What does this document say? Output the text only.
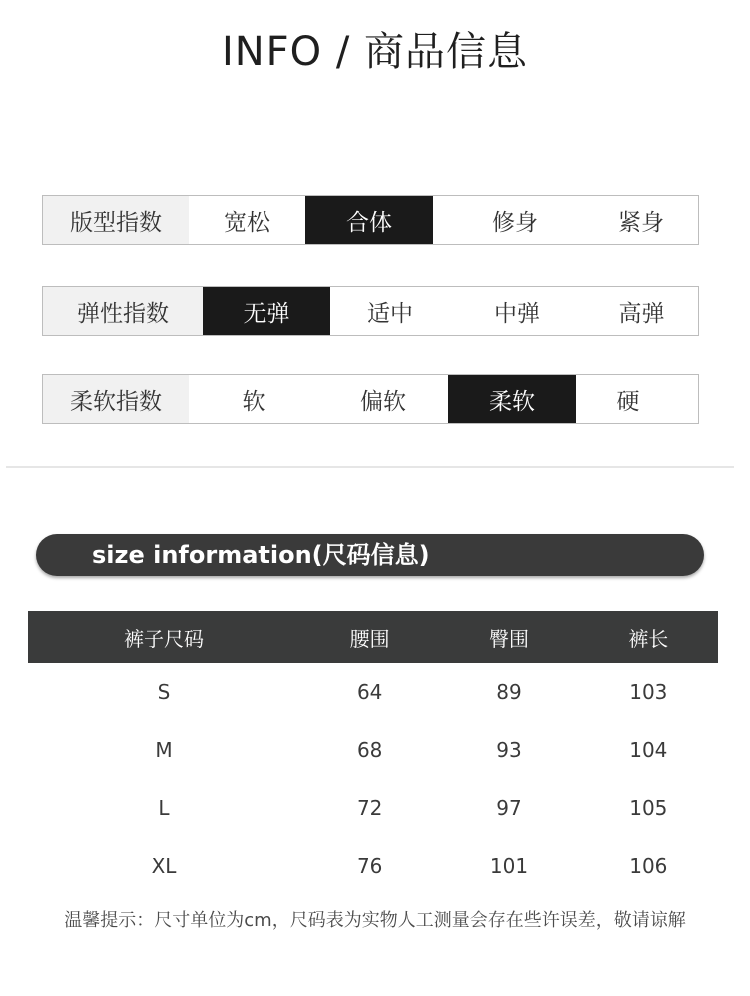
INFO / 商品信息
版型指数	宽松	合体	修身	紧身
弹性指数	无弹	适中	中弹	高弹
柔软指数	软	偏软	柔软	硬
size information(尺码信息)
裤子尺码	腰围	臀围	裤长
S	64	89	103
M	68	93	104
L	72	97	105
XL	76	101	106
温馨提示：尺寸单位为cm，尺码表为实物人工测量会存在些许误差，敬请谅解
